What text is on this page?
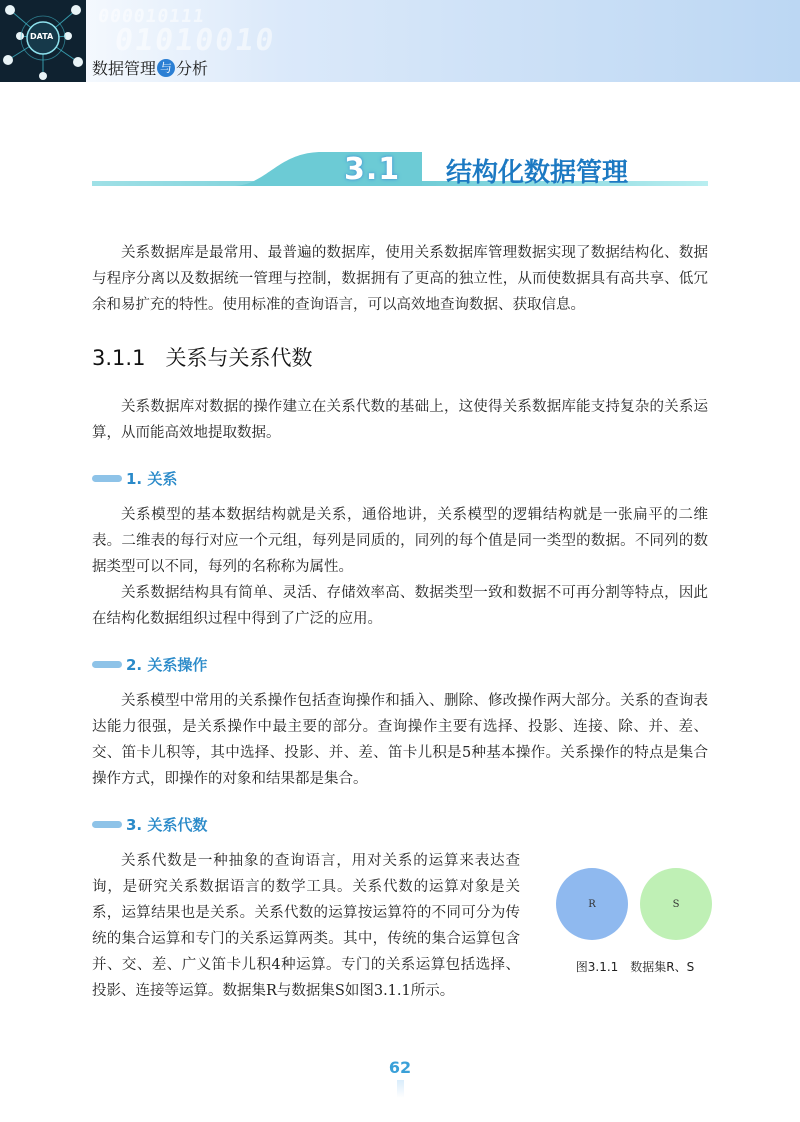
DATA
000010111
01010010
数据管理 与 分析
3.1 结构化数据管理

关系数据库是最常用、最普遍的数据库，使用关系数据库管理数据实现了数据结构化、数据与程序分离以及数据统一管理与控制，数据拥有了更高的独立性，从而使数据具有高共享、低冗余和易扩充的特性。使用标准的查询语言，可以高效地查询数据、获取信息。

3.1.1 关系与关系代数

关系数据库对数据的操作建立在关系代数的基础上，这使得关系数据库能支持复杂的关系运算，从而能高效地提取数据。

1. 关系

关系模型的基本数据结构就是关系，通俗地讲，关系模型的逻辑结构就是一张扁平的二维表。二维表的每行对应一个元组，每列是同质的，同列的每个值是同一类型的数据。不同列的数据类型可以不同，每列的名称称为属性。

关系数据结构具有简单、灵活、存储效率高、数据类型一致和数据不可再分割等特点，因此在结构化数据组织过程中得到了广泛的应用。

2. 关系操作

关系模型中常用的关系操作包括查询操作和插入、删除、修改操作两大部分。关系的查询表达能力很强，是关系操作中最主要的部分。查询操作主要有选择、投影、连接、除、并、差、交、笛卡儿积等，其中选择、投影、并、差、笛卡儿积是5种基本操作。关系操作的特点是集合操作方式，即操作的对象和结果都是集合。

3. 关系代数

关系代数是一种抽象的查询语言，用对关系的运算来表达查询，是研究关系数据语言的数学工具。关系代数的运算对象是关系，运算结果也是关系。关系代数的运算按运算符的不同可分为传统的集合运算和专门的关系运算两类。其中，传统的集合运算包含并、交、差、广义笛卡儿积4种运算。专门的关系运算包括选择、投影、连接等运算。数据集R与数据集S如图3.1.1所示。

R	S
图3.1.1　数据集R、S
62
